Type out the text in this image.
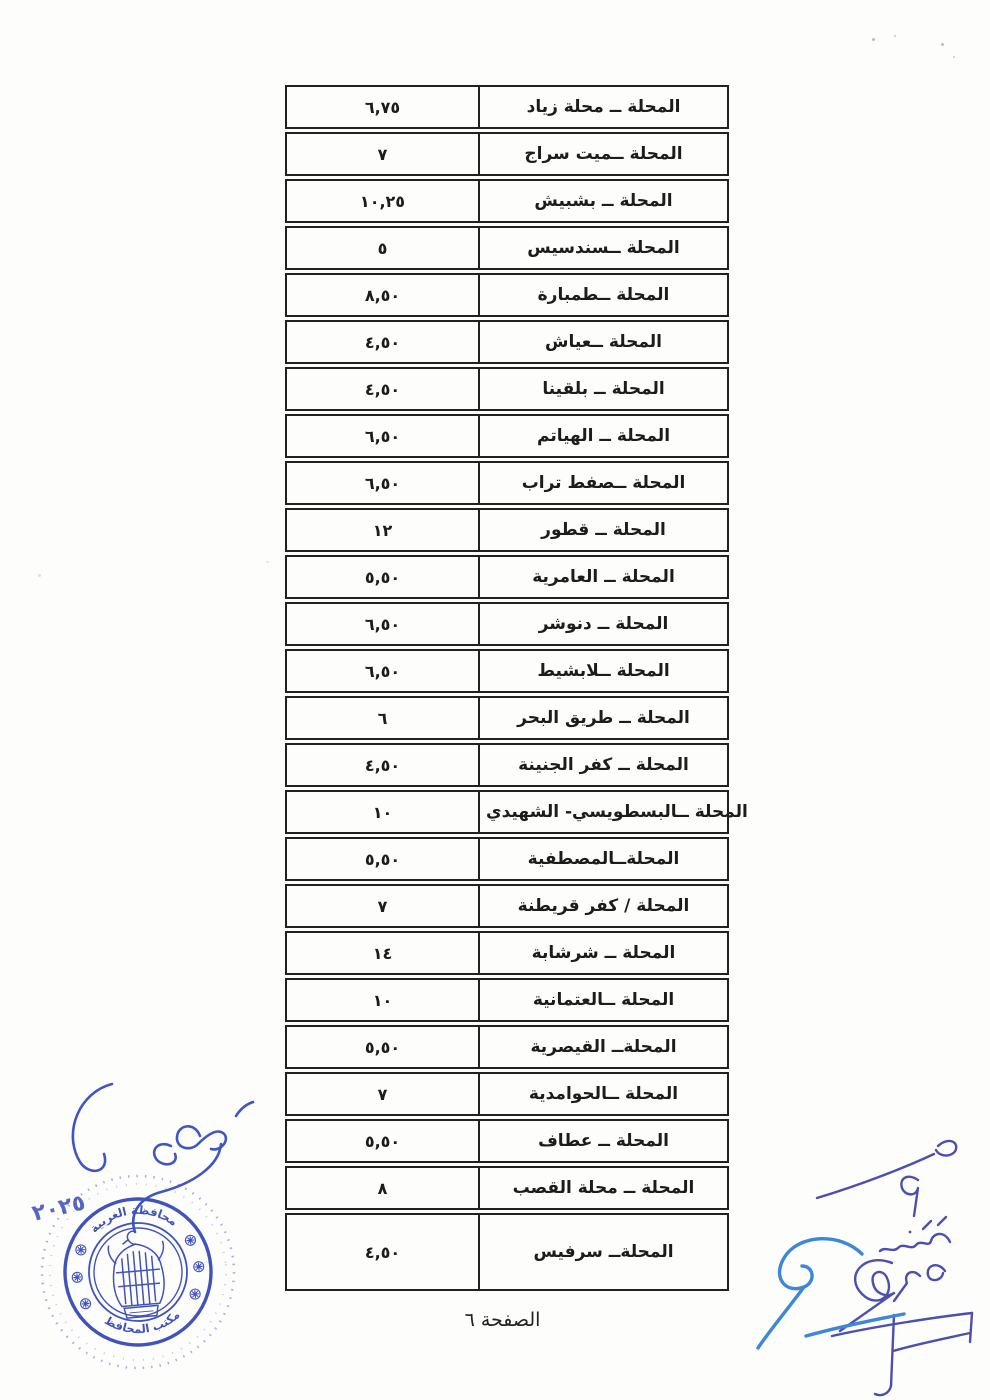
٦,٧٥	المحلة ــ محلة زياد
٧	المحلة ــميت سراج
١٠,٢٥	المحلة ــ بشبيش
٥	المحلة ــسندسيس
٨,٥٠	المحلة ــطمبارة
٤,٥٠	المحلة ــعياش
٤,٥٠	المحلة ــ بلقينا
٦,٥٠	المحلة ــ الهياتم
٦,٥٠	المحلة ــصفط تراب
١٢	المحلة ــ قطور
٥,٥٠	المحلة ــ العامرية
٦,٥٠	المحلة ــ دنوشر
٦,٥٠	المحلة ــلابشيط
٦	المحلة ــ طريق البحر
٤,٥٠	المحلة ــ كفر الجنينة
١٠	المحلة ــالبسطويسي- الشهيدي
٥,٥٠	المحلةــالمصطفية
٧	المحلة / كفر قريطنة
١٤	المحلة ــ شرشابة
١٠	المحلة ــالعتمانية
٥,٥٠	المحلةــ القيصرية
٧	المحلة ــالحوامدية
٥,٥٠	المحلة ــ عطاف
٨	المحلة ــ محلة القصب
٤,٥٠	المحلةــ سرفيس
الصفحة ٦
٢٠٢٥
محافظة الغربية
مكتب المحافظ
